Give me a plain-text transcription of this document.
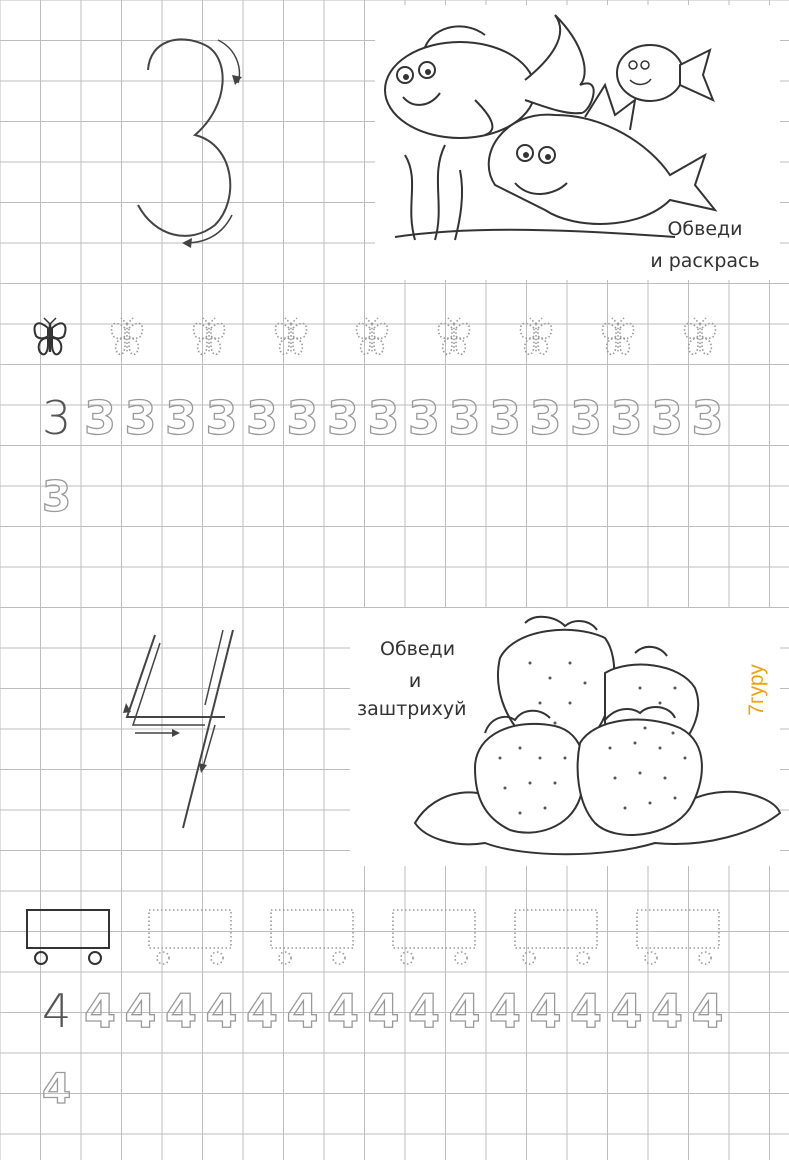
Обведи
и раскрась
3 3 3 3 3 3 3 3 3 3 3 3 3 3 3 3 3
3
Обведи
и
заштрихуй	7гуру
4 4 4 4 4 4 4 4 4 4 4 4 4 4 4 4 4
4
